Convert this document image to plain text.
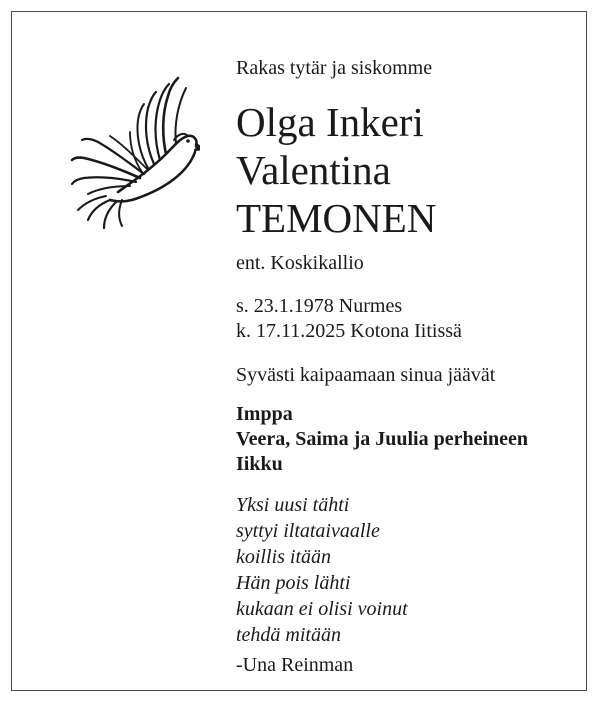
Rakas tytär ja siskomme
Olga Inkeri
Valentina
TEMONEN
ent. Koskikallio
s. 23.1.1978 Nurmes
k. 17.11.2025 Kotona Iitissä
Syvästi kaipaamaan sinua jäävät
Imppa
Veera, Saima ja Juulia perheineen
Iikku
Yksi uusi tähti
syttyi iltataivaalle
koillis itään
Hän pois lähti
kukaan ei olisi voinut
tehdä mitään
-Una Reinman
